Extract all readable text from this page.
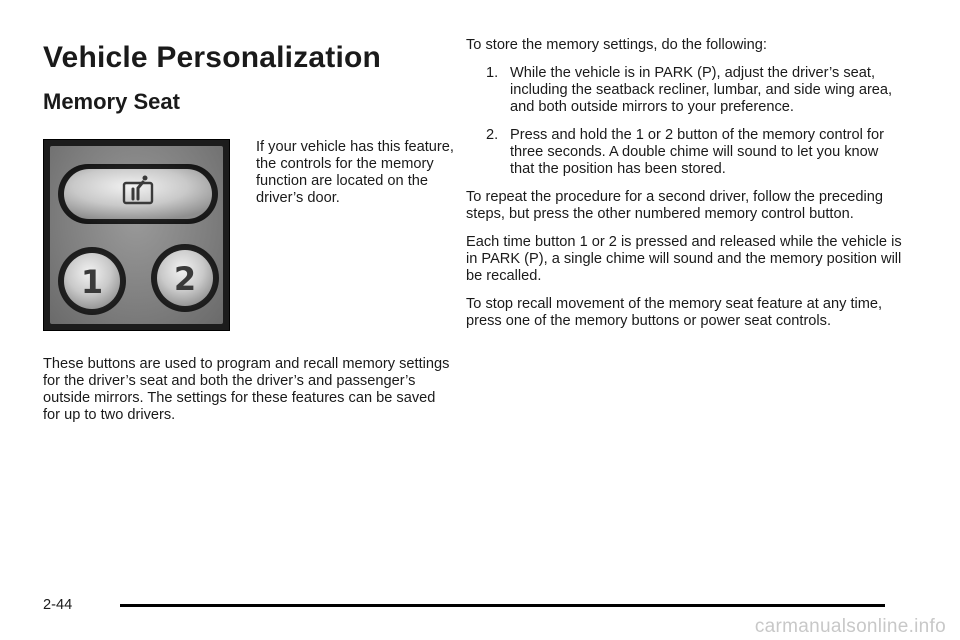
Vehicle Personalization
Memory Seat
1 2

If your vehicle has this feature, the controls for the memory function are located on the driver’s door.

These buttons are used to program and recall memory settings for the driver’s seat and both the driver’s and passenger’s outside mirrors. The settings for these features can be saved for up to two drivers.

To store the memory settings, do the following:

1. While the vehicle is in PARK (P), adjust the driver’s seat, including the seatback recliner, lumbar, and side wing area, and both outside mirrors to your preference.
2. Press and hold the 1 or 2 button of the memory control for three seconds. A double chime will sound to let you know that the position has been stored.

To repeat the procedure for a second driver, follow the preceding steps, but press the other numbered memory control button.

Each time button 1 or 2 is pressed and released while the vehicle is in PARK (P), a single chime will sound and the memory position will be recalled.

To stop recall movement of the memory seat feature at any time, press one of the memory buttons or power seat controls.

2-44
carmanualsonline.info
